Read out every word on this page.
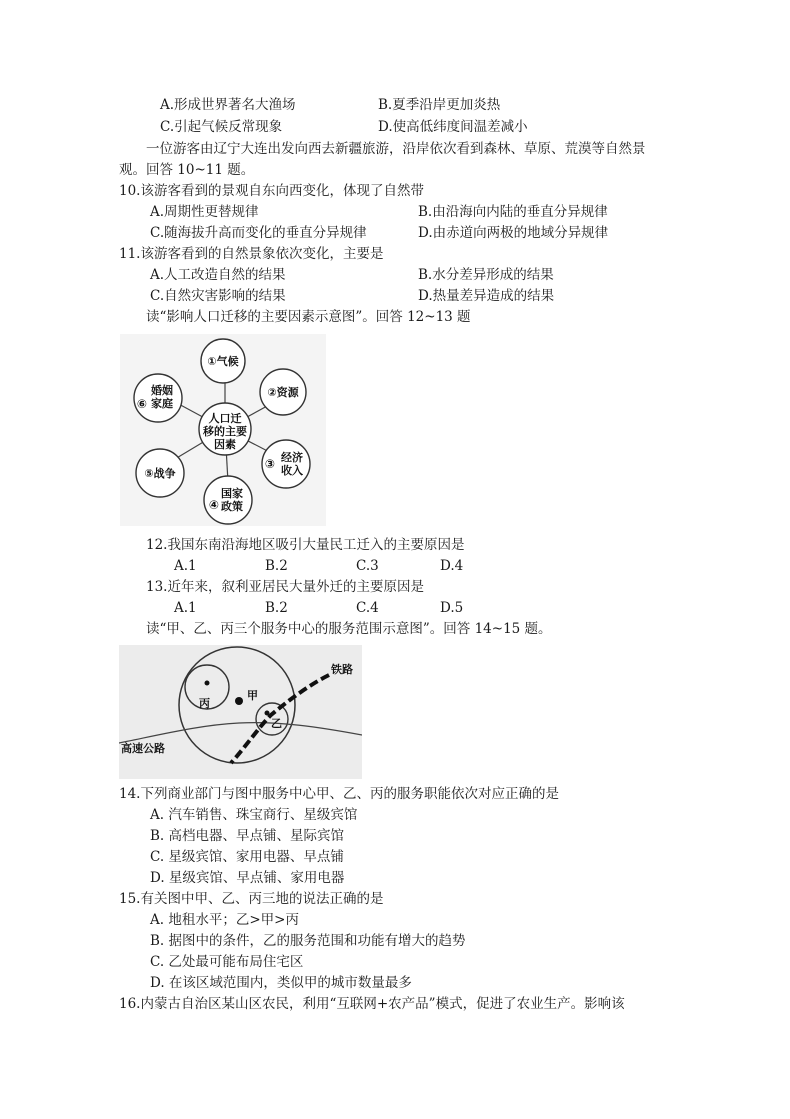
A.形成世界著名大渔场	B.夏季沿岸更加炎热
C.引起气候反常现象	D.使高低纬度间温差减小
一位游客由辽宁大连出发向西去新疆旅游，沿岸依次看到森林、草原、荒漠等自然景
观。回答 10~11 题。
10.该游客看到的景观自东向西变化，体现了自然带
A.周期性更替规律	B.由沿海向内陆的垂直分异规律
C.随海拔升高而变化的垂直分异规律	D.由赤道向两极的地域分异规律
11.该游客看到的自然景象依次变化，主要是
A.人工改造自然的结果	B.水分差异形成的结果
C.自然灾害影响的结果	D.热量差异造成的结果
读“影响人口迁移的主要因素示意图”。回答 12~13 题
人口迁
移的主要
因素
①气候
②资源
③ 经济
收入
④
国家
政策
⑤战争
⑥
婚姻
家庭
12.我国东南沿海地区吸引大量民工迁入的主要原因是
A.1	B.2	C.3	D.4
13.近年来，叙利亚居民大量外迁的主要原因是
A.1	B.2	C.4	D.5
读“甲、乙、丙三个服务中心的服务范围示意图”。回答 14~15 题。
铁路
高速公路
甲
乙
丙
14.下列商业部门与图中服务中心甲、乙、丙的服务职能依次对应正确的是
A. 汽车销售、珠宝商行、星级宾馆
B. 高档电器、早点铺、星际宾馆
C. 星级宾馆、家用电器、早点铺
D. 星级宾馆、早点铺、家用电器
15.有关图中甲、乙、丙三地的说法正确的是
A. 地租水平；乙>甲>丙
B. 据图中的条件，乙的服务范围和功能有增大的趋势
C. 乙处最可能布局住宅区
D. 在该区域范围内，类似甲的城市数量最多
16.内蒙古自治区某山区农民，利用“互联网+农产品”模式，促进了农业生产。影响该
